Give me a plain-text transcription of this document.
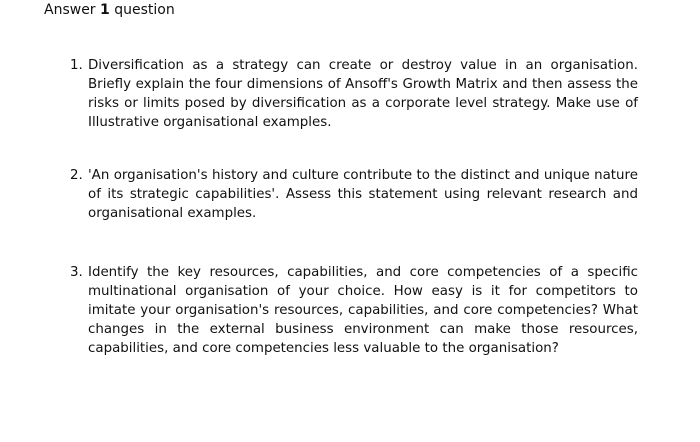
Answer 1 question
1. Diversification as a strategy can create or destroy value in an organisation. Briefly explain the four dimensions of Ansoff's Growth Matrix and then assess the risks or limits posed by diversification as a corporate level strategy. Make use of Illustrative organisational examples.
2. 'An organisation's history and culture contribute to the distinct and unique nature of its strategic capabilities'. Assess this statement using relevant research and organisational examples.
3. Identify the key resources, capabilities, and core competencies of a specific multinational organisation of your choice. How easy is it for competitors to imitate your organisation's resources, capabilities, and core competencies? What changes in the external business environment can make those resources, capabilities, and core competencies less valuable to the organisation?
